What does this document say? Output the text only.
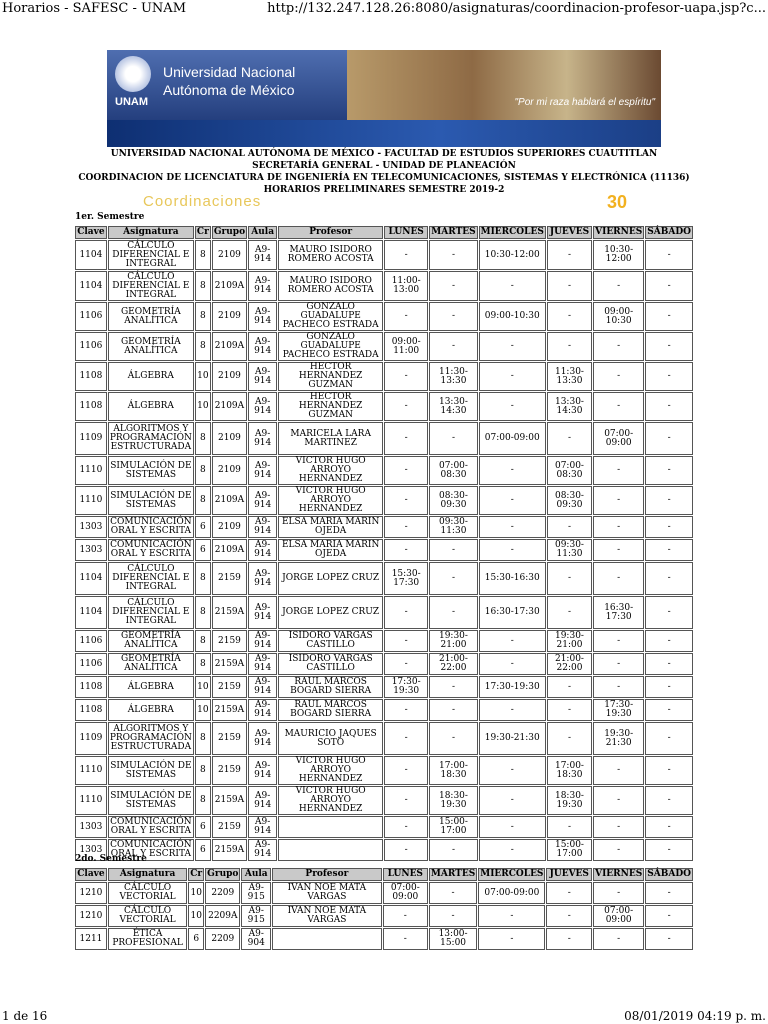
Horarios - SAFESC - UNAM	http://132.247.128.26:8080/asignaturas/coordinacion-profesor-uapa.jsp?c...
UNAM
Universidad Nacional
Autónoma de México
"Por mi raza hablará el espíritu"
Coordinaciones	30
UNIVERSIDAD NACIONAL AUTÓNOMA DE MÉXICO - FACULTAD DE ESTUDIOS SUPERIORES CUAUTITLAN
SECRETARÍA GENERAL - UNIDAD DE PLANEACIÓN
COORDINACION DE LICENCIATURA DE INGENIERÍA EN TELECOMUNICACIONES, SISTEMAS Y ELECTRÓNICA (11136)
HORARIOS PRELIMINARES SEMESTRE 2019-2
1er. Semestre
Clave	Asignatura	Cr	Grupo	Aula	Profesor	LUNES	MARTES	MIERCOLES	JUEVES	VIERNES	SÁBADO
1104	CÁLCULO DIFERENCIAL E INTEGRAL	8	2109	A9-914	MAURO ISIDORO ROMERO ACOSTA	-	-	10:30-12:00	-	10:30-12:00	-
1104	CÁLCULO DIFERENCIAL E INTEGRAL	8	2109A	A9-914	MAURO ISIDORO ROMERO ACOSTA	11:00-13:00	-	-	-	-	-
1106	GEOMETRÍA ANALÍTICA	8	2109	A9-914	GONZALO GUADALUPE PACHECO ESTRADA	-	-	09:00-10:30	-	09:00-10:30	-
1106	GEOMETRÍA ANALÍTICA	8	2109A	A9-914	GONZALO GUADALUPE PACHECO ESTRADA	09:00-11:00	-	-	-	-	-
1108	ÁLGEBRA	10	2109	A9-914	HECTOR HERNANDEZ GUZMAN	-	11:30-13:30	-	11:30-13:30	-	-
1108	ÁLGEBRA	10	2109A	A9-914	HECTOR HERNANDEZ GUZMAN	-	13:30-14:30	-	13:30-14:30	-	-
1109	ALGORITMOS Y PROGRAMACIÓN ESTRUCTURADA	8	2109	A9-914	MARICELA LARA MARTINEZ	-	-	07:00-09:00	-	07:00-09:00	-
1110	SIMULACIÓN DE SISTEMAS	8	2109	A9-914	VICTOR HUGO ARROYO HERNANDEZ	-	07:00-08:30	-	07:00-08:30	-	-
1110	SIMULACIÓN DE SISTEMAS	8	2109A	A9-914	VICTOR HUGO ARROYO HERNANDEZ	-	08:30-09:30	-	08:30-09:30	-	-
1303	COMUNICACIÓN ORAL Y ESCRITA	6	2109	A9-914	ELSA MARIA MARIN OJEDA	-	09:30-11:30	-	-	-	-
1303	COMUNICACIÓN ORAL Y ESCRITA	6	2109A	A9-914	ELSA MARIA MARIN OJEDA	-	-	-	09:30-11:30	-	-
1104	CÁLCULO DIFERENCIAL E INTEGRAL	8	2159	A9-914	JORGE LOPEZ CRUZ	15:30-17:30	-	15:30-16:30	-	-	-
1104	CÁLCULO DIFERENCIAL E INTEGRAL	8	2159A	A9-914	JORGE LOPEZ CRUZ	-	-	16:30-17:30	-	16:30-17:30	-
1106	GEOMETRÍA ANALÍTICA	8	2159	A9-914	ISIDORO VARGAS CASTILLO	-	19:30-21:00	-	19:30-21:00	-	-
1106	GEOMETRÍA ANALÍTICA	8	2159A	A9-914	ISIDORO VARGAS CASTILLO	-	21:00-22:00	-	21:00-22:00	-	-
1108	ÁLGEBRA	10	2159	A9-914	RAUL MARCOS BOGARD SIERRA	17:30-19:30	-	17:30-19:30	-	-	-
1108	ÁLGEBRA	10	2159A	A9-914	RAUL MARCOS BOGARD SIERRA	-	-	-	-	17:30-19:30	-
1109	ALGORITMOS Y PROGRAMACIÓN ESTRUCTURADA	8	2159	A9-914	MAURICIO JAQUES SOTO	-	-	19:30-21:30	-	19:30-21:30	-
1110	SIMULACIÓN DE SISTEMAS	8	2159	A9-914	VICTOR HUGO ARROYO HERNANDEZ	-	17:00-18:30	-	17:00-18:30	-	-
1110	SIMULACIÓN DE SISTEMAS	8	2159A	A9-914	VICTOR HUGO ARROYO HERNANDEZ	-	18:30-19:30	-	18:30-19:30	-	-
1303	COMUNICACIÓN ORAL Y ESCRITA	6	2159	A9-914		-	15:00-17:00	-	-	-	-
1303	COMUNICACIÓN ORAL Y ESCRITA	6	2159A	A9-914		-	-	-	15:00-17:00	-	-
2do. Semestre
Clave	Asignatura	Cr	Grupo	Aula	Profesor	LUNES	MARTES	MIERCOLES	JUEVES	VIERNES	SÁBADO
1210	CÁLCULO VECTORIAL	10	2209	A9-915	IVAN NOE MATA VARGAS	07:00-09:00	-	07:00-09:00	-	-	-
1210	CÁLCULO VECTORIAL	10	2209A	A9-915	IVAN NOE MATA VARGAS	-	-	-	-	07:00-09:00	-
1211	ÉTICA PROFESIONAL	6	2209	A9-904		-	13:00-15:00	-	-	-	-
1 de 16	08/01/2019 04:19 p. m.
